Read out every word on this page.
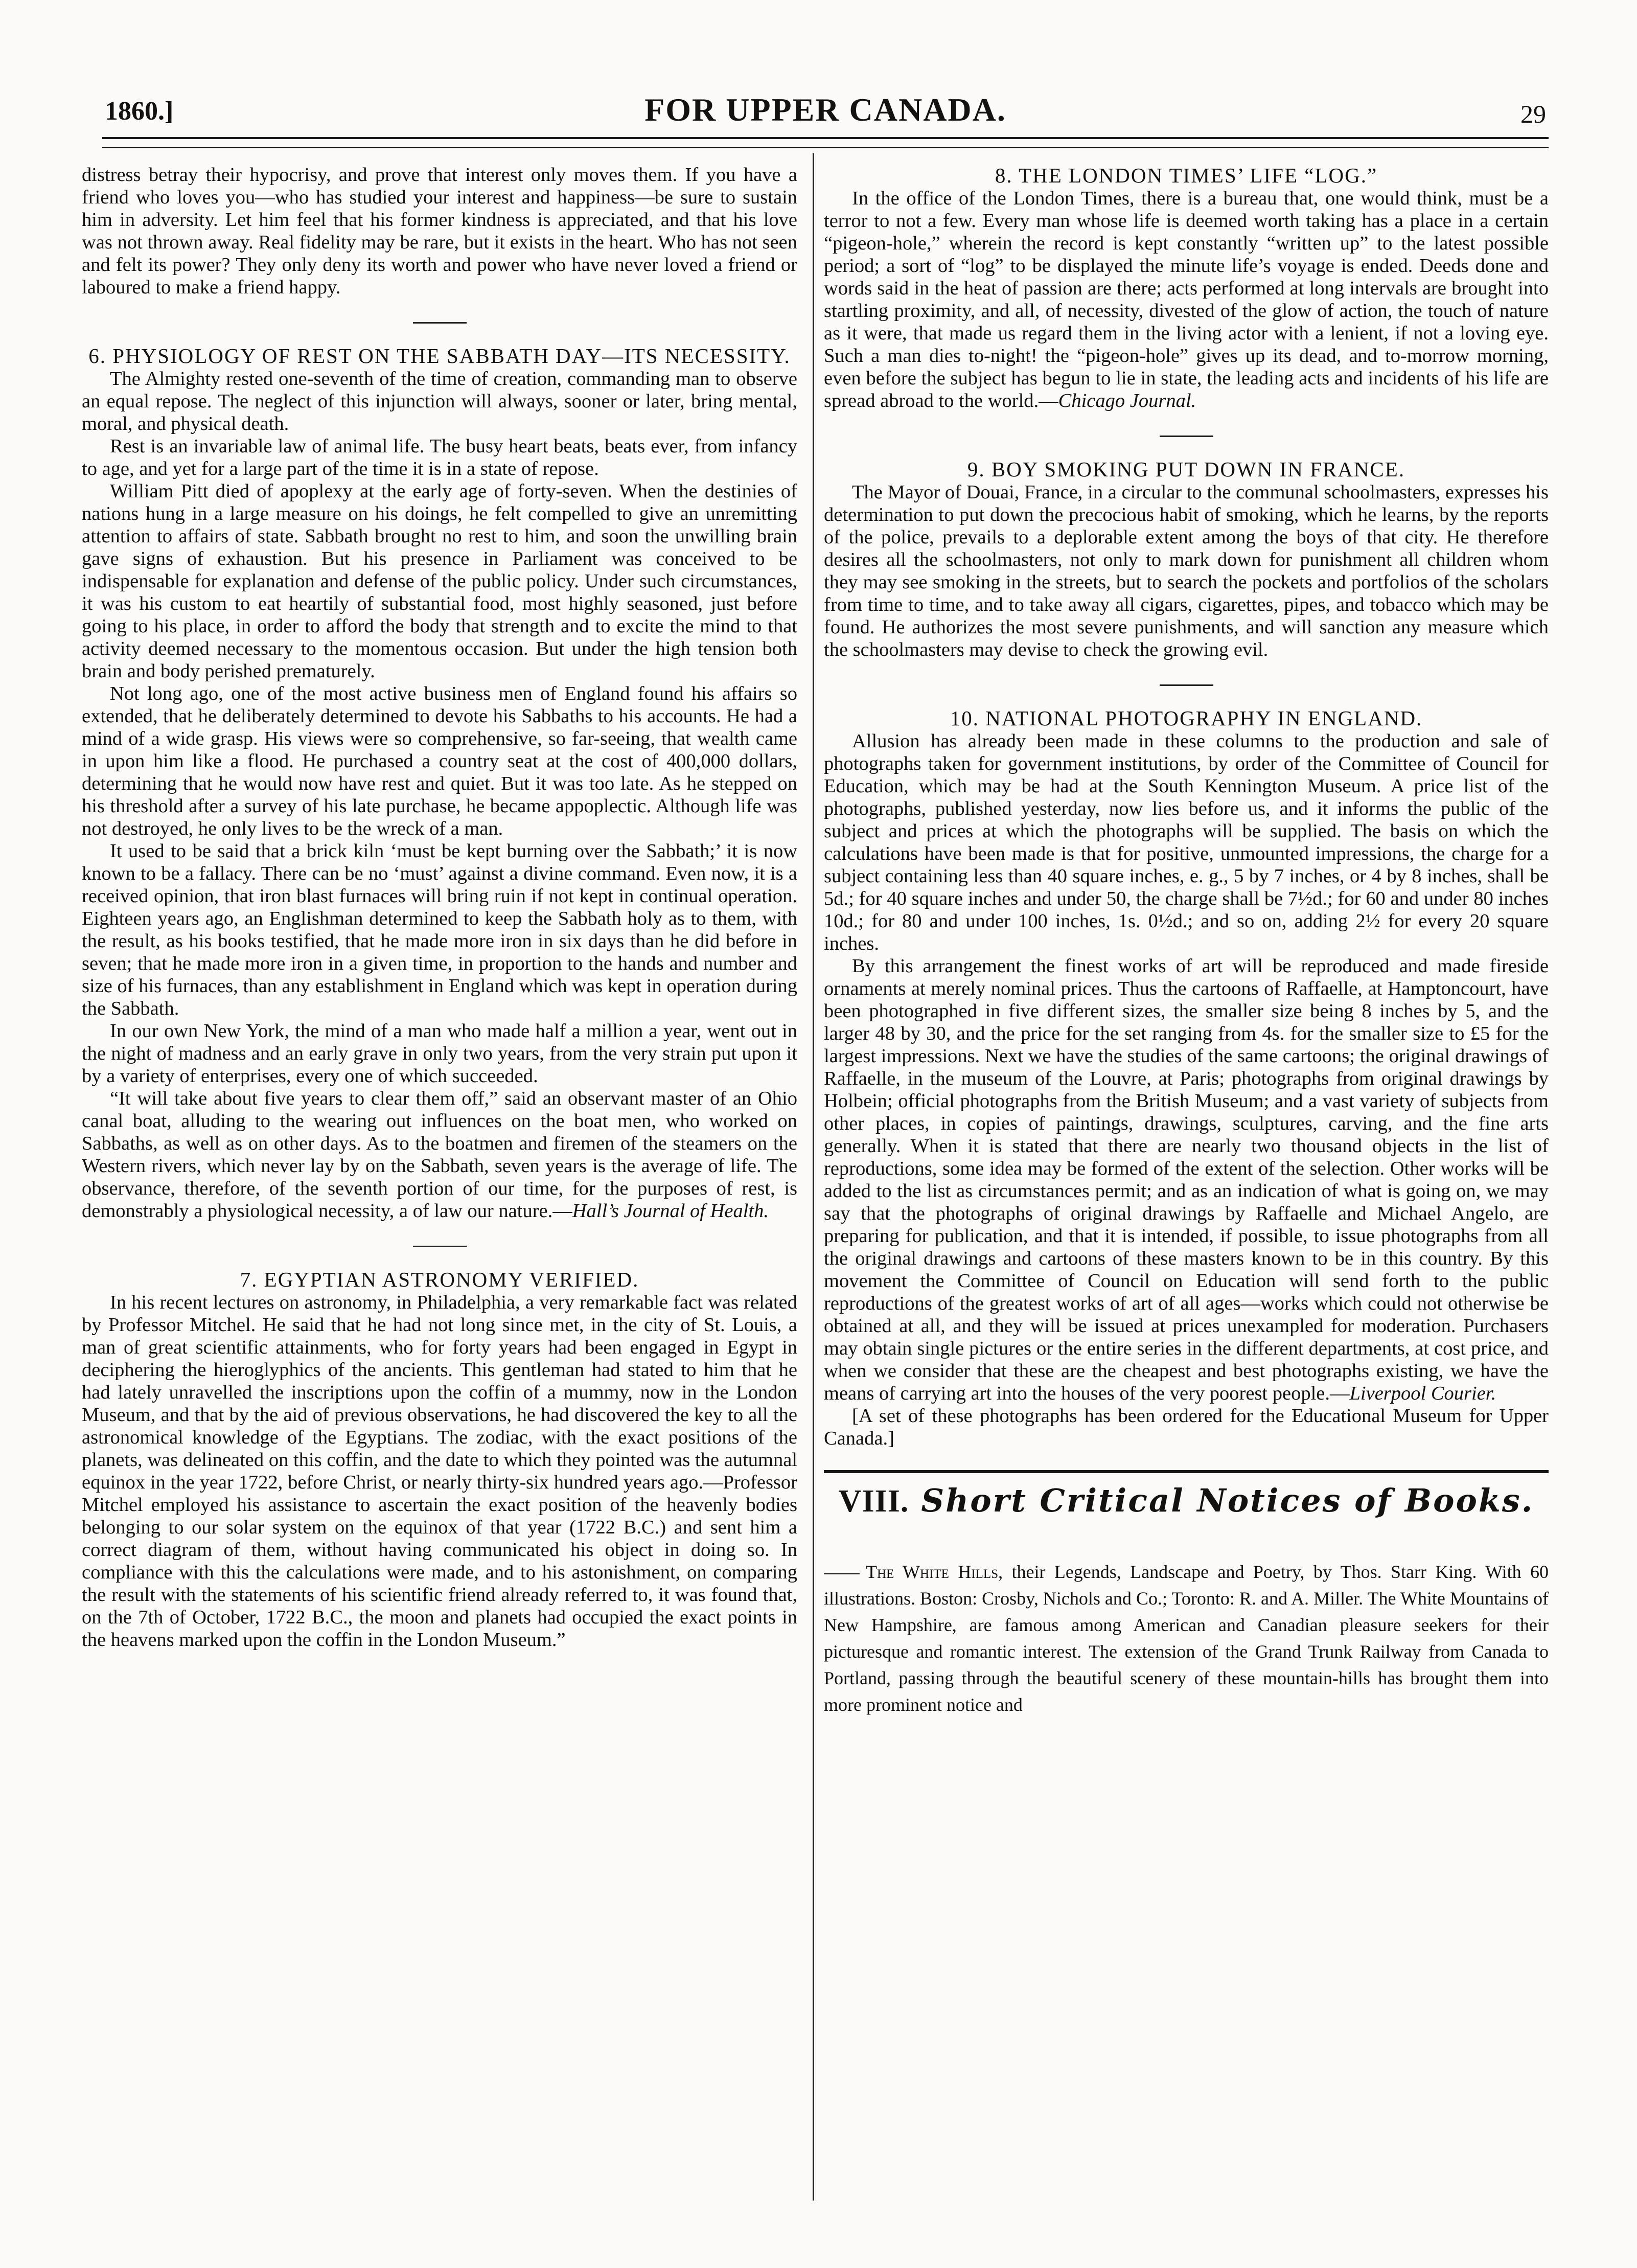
1860.]	FOR UPPER CANADA.	29

distress betray their hypocrisy, and prove that interest only moves them. If you have a friend who loves you—who has studied your interest and happiness—be sure to sustain him in adversity. Let him feel that his former kindness is appreciated, and that his love was not thrown away. Real fidelity may be rare, but it exists in the heart. Who has not seen and felt its power? They only deny its worth and power who have never loved a friend or laboured to make a friend happy.

6. PHYSIOLOGY OF REST ON THE SABBATH DAY—ITS NECESSITY.

The Almighty rested one-seventh of the time of creation, commanding man to observe an equal repose. The neglect of this injunction will always, sooner or later, bring mental, moral, and physical death.

Rest is an invariable law of animal life. The busy heart beats, beats ever, from infancy to age, and yet for a large part of the time it is in a state of repose.

William Pitt died of apoplexy at the early age of forty-seven. When the destinies of nations hung in a large measure on his doings, he felt compelled to give an unremitting attention to affairs of state. Sabbath brought no rest to him, and soon the unwilling brain gave signs of exhaustion. But his presence in Parliament was conceived to be indispensable for explanation and defense of the public policy. Under such circumstances, it was his custom to eat heartily of substantial food, most highly seasoned, just before going to his place, in order to afford the body that strength and to excite the mind to that activity deemed necessary to the momentous occasion. But under the high tension both brain and body perished prematurely.

Not long ago, one of the most active business men of England found his affairs so extended, that he deliberately determined to devote his Sabbaths to his accounts. He had a mind of a wide grasp. His views were so comprehensive, so far-seeing, that wealth came in upon him like a flood. He purchased a country seat at the cost of 400,000 dollars, determining that he would now have rest and quiet. But it was too late. As he stepped on his threshold after a survey of his late purchase, he became appoplectic. Although life was not destroyed, he only lives to be the wreck of a man.

It used to be said that a brick kiln ‘must be kept burning over the Sabbath;’ it is now known to be a fallacy. There can be no ‘must’ against a divine command. Even now, it is a received opinion, that iron blast furnaces will bring ruin if not kept in continual operation. Eighteen years ago, an Englishman determined to keep the Sabbath holy as to them, with the result, as his books testified, that he made more iron in six days than he did before in seven; that he made more iron in a given time, in proportion to the hands and number and size of his furnaces, than any establishment in England which was kept in operation during the Sabbath.

In our own New York, the mind of a man who made half a million a year, went out in the night of madness and an early grave in only two years, from the very strain put upon it by a variety of enterprises, every one of which succeeded.

“It will take about five years to clear them off,” said an observant master of an Ohio canal boat, alluding to the wearing out influences on the boat men, who worked on Sabbaths, as well as on other days. As to the boatmen and firemen of the steamers on the Western rivers, which never lay by on the Sabbath, seven years is the average of life. The observance, therefore, of the seventh portion of our time, for the purposes of rest, is demonstrably a physiological necessity, a of law our nature.—Hall’s Journal of Health.

7. EGYPTIAN ASTRONOMY VERIFIED.

In his recent lectures on astronomy, in Philadelphia, a very remarkable fact was related by Professor Mitchel. He said that he had not long since met, in the city of St. Louis, a man of great scientific attainments, who for forty years had been engaged in Egypt in deciphering the hieroglyphics of the ancients. This gentleman had stated to him that he had lately unravelled the inscriptions upon the coffin of a mummy, now in the London Museum, and that by the aid of previous observations, he had discovered the key to all the astronomical knowledge of the Egyptians. The zodiac, with the exact positions of the planets, was delineated on this coffin, and the date to which they pointed was the autumnal equinox in the year 1722, before Christ, or nearly thirty-six hundred years ago.—Professor Mitchel employed his assistance to ascertain the exact position of the heavenly bodies belonging to our solar system on the equinox of that year (1722 B.C.) and sent him a correct diagram of them, without having communicated his object in doing so. In compliance with this the calculations were made, and to his astonishment, on comparing the result with the statements of his scientific friend already referred to, it was found that, on the 7th of October, 1722 B.C., the moon and planets had occupied the exact points in the heavens marked upon the coffin in the London Museum.”

8. THE LONDON TIMES’ LIFE “LOG.”

In the office of the London Times, there is a bureau that, one would think, must be a terror to not a few. Every man whose life is deemed worth taking has a place in a certain “pigeon-hole,” wherein the record is kept constantly “written up” to the latest possible period; a sort of “log” to be displayed the minute life’s voyage is ended. Deeds done and words said in the heat of passion are there; acts performed at long intervals are brought into startling proximity, and all, of necessity, divested of the glow of action, the touch of nature as it were, that made us regard them in the living actor with a lenient, if not a loving eye. Such a man dies to-night! the “pigeon-hole” gives up its dead, and to-morrow morning, even before the subject has begun to lie in state, the leading acts and incidents of his life are spread abroad to the world.—Chicago Journal.

9. BOY SMOKING PUT DOWN IN FRANCE.

The Mayor of Douai, France, in a circular to the communal schoolmasters, expresses his determination to put down the precocious habit of smoking, which he learns, by the reports of the police, prevails to a deplorable extent among the boys of that city. He therefore desires all the schoolmasters, not only to mark down for punishment all children whom they may see smoking in the streets, but to search the pockets and portfolios of the scholars from time to time, and to take away all cigars, cigarettes, pipes, and tobacco which may be found. He authorizes the most severe punishments, and will sanction any measure which the schoolmasters may devise to check the growing evil.

10. NATIONAL PHOTOGRAPHY IN ENGLAND.

Allusion has already been made in these columns to the production and sale of photographs taken for government institutions, by order of the Committee of Council for Education, which may be had at the South Kennington Museum. A price list of the photographs, published yesterday, now lies before us, and it informs the public of the subject and prices at which the photographs will be supplied. The basis on which the calculations have been made is that for positive, unmounted impressions, the charge for a subject containing less than 40 square inches, e. g., 5 by 7 inches, or 4 by 8 inches, shall be 5d.; for 40 square inches and under 50, the charge shall be 7½d.; for 60 and under 80 inches 10d.; for 80 and under 100 inches, 1s. 0½d.; and so on, adding 2½ for every 20 square inches.

By this arrangement the finest works of art will be reproduced and made fireside ornaments at merely nominal prices. Thus the cartoons of Raffaelle, at Hamptoncourt, have been photographed in five different sizes, the smaller size being 8 inches by 5, and the larger 48 by 30, and the price for the set ranging from 4s. for the smaller size to £5 for the largest impressions. Next we have the studies of the same cartoons; the original drawings of Raffaelle, in the museum of the Louvre, at Paris; photographs from original drawings by Holbein; official photographs from the British Museum; and a vast variety of subjects from other places, in copies of paintings, drawings, sculptures, carving, and the fine arts generally. When it is stated that there are nearly two thousand objects in the list of reproductions, some idea may be formed of the extent of the selection. Other works will be added to the list as circumstances permit; and as an indication of what is going on, we may say that the photographs of original drawings by Raffaelle and Michael Angelo, are preparing for publication, and that it is intended, if possible, to issue photographs from all the original drawings and cartoons of these masters known to be in this country. By this movement the Committee of Council on Education will send forth to the public reproductions of the greatest works of art of all ages—works which could not otherwise be obtained at all, and they will be issued at prices unexampled for moderation. Purchasers may obtain single pictures or the entire series in the different departments, at cost price, and when we consider that these are the cheapest and best photographs existing, we have the means of carrying art into the houses of the very poorest people.—Liverpool Courier.

[A set of these photographs has been ordered for the Educational Museum for Upper Canada.]

VIII. Short Critical Notices of Books.
The White Hills, their Legends, Landscape and Poetry, by Thos. Starr King. With 60 illustrations. Boston: Crosby, Nichols and Co.; Toronto: R. and A. Miller. The White Mountains of New Hampshire, are famous among American and Canadian pleasure seekers for their picturesque and romantic interest. The extension of the Grand Trunk Railway from Canada to Portland, passing through the beautiful scenery of these mountain-hills has brought them into more prominent notice and
